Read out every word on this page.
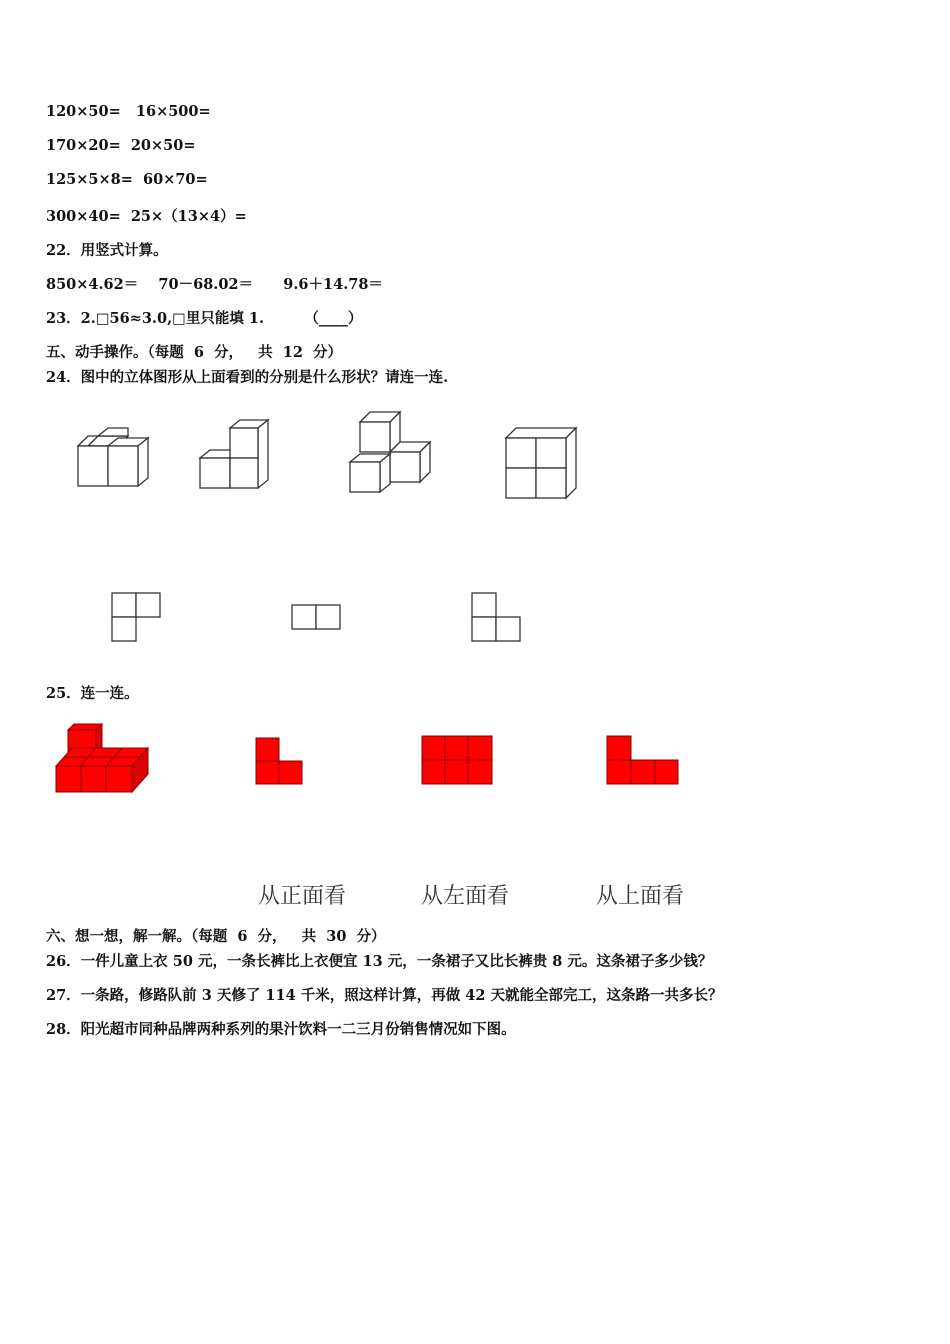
120×50=   16×500=
170×20=  20×50=
125×5×8=  60×70=
300×40=  25×（13×4）=
22．用竖式计算。
850×4.62＝    70－68.02＝      9.6＋14.78＝
23．2.□56≈3.0,□里只能填 1.        （____）
五、动手操作。（每题  6  分，   共  12  分）
24．图中的立体图形从上面看到的分别是什么形状？请连一连.
25．连一连。
从正面看	从左面看	从上面看
六、想一想，解一解。（每题  6  分，   共  30  分）
26．一件儿童上衣 50 元，一条长裤比上衣便宜 13 元，一条裙子又比长裤贵 8 元。这条裙子多少钱？
27．一条路，修路队前 3 天修了 114 千米，照这样计算，再做 42 天就能全部完工，这条路一共多长？
28．阳光超市同种品牌两种系列的果汁饮料一二三月份销售情况如下图。
